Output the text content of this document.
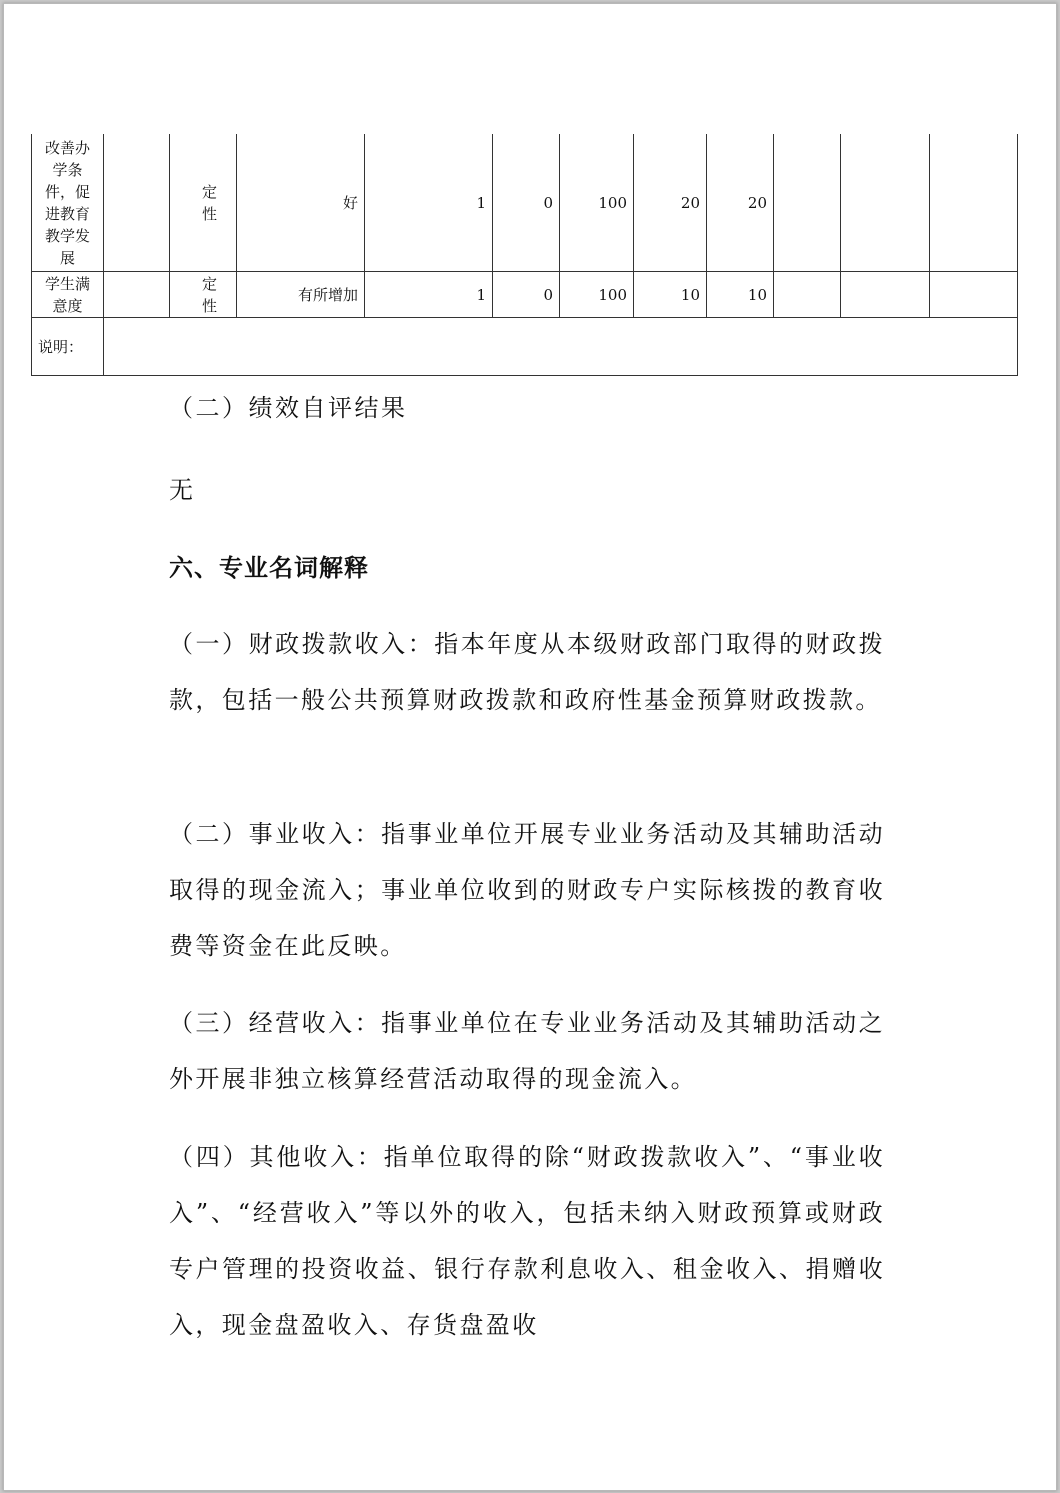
改善办学条件，促进教育教学发展		定性	好	1	0	100	20	20			

学生满意度		定性	有所增加	1	0	100	10	10			
说明：											

（二）绩效自评结果

无

六、专业名词解释

（一）财政拨款收入：指本年度从本级财政部门取得的财政拨款，包括一般公共预算财政拨款和政府性基金预算财政拨款。

（二）事业收入：指事业单位开展专业业务活动及其辅助活动取得的现金流入；事业单位收到的财政专户实际核拨的教育收费等资金在此反映。

（三）经营收入：指事业单位在专业业务活动及其辅助活动之外开展非独立核算经营活动取得的现金流入。

（四）其他收入：指单位取得的除“财政拨款收入”、“事业收入”、“经营收入”等以外的收入，包括未纳入财政预算或财政专户管理的投资收益、银行存款利息收入、租金收入、捐赠收入，现金盘盈收入、存货盘盈收
